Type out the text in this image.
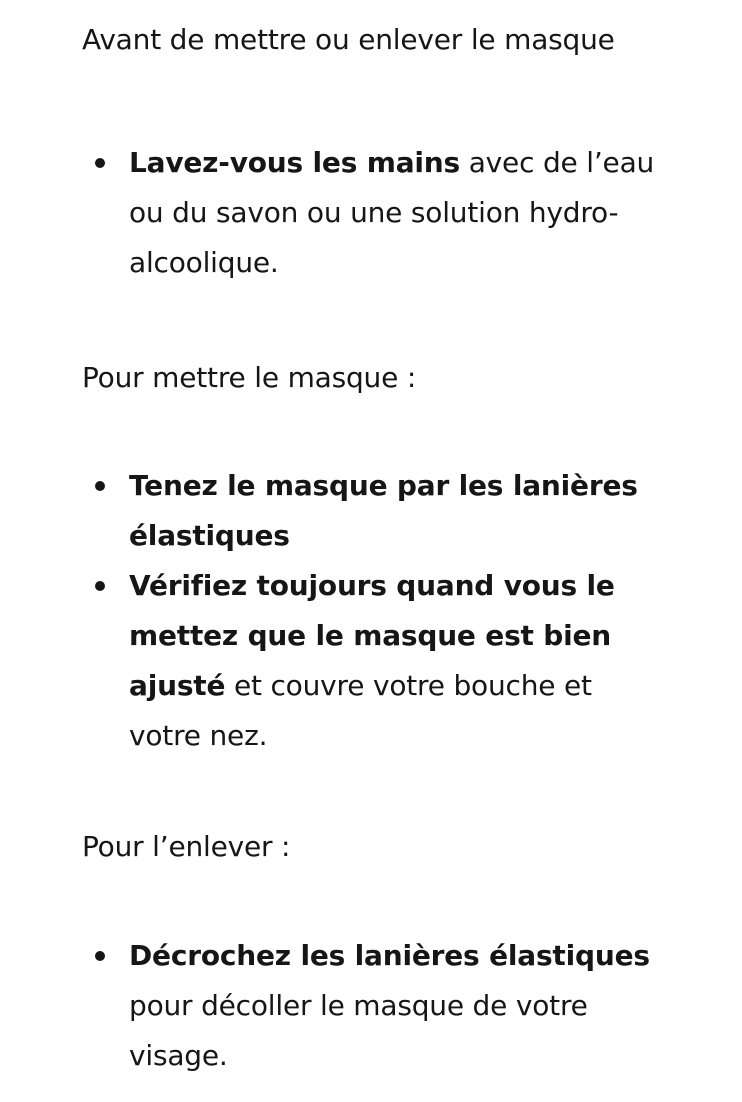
Avant de mettre ou enlever le masque

Lavez-vous les mains avec de l’eau ou du savon ou une solution hydro-alcoolique.

Pour mettre le masque :

Tenez le masque par les lanières élastiques
Vérifiez toujours quand vous le mettez que le masque est bien ajusté et couvre votre bouche et votre nez.

Pour l’enlever :

Décrochez les lanières élastiques pour décoller le masque de votre visage.
